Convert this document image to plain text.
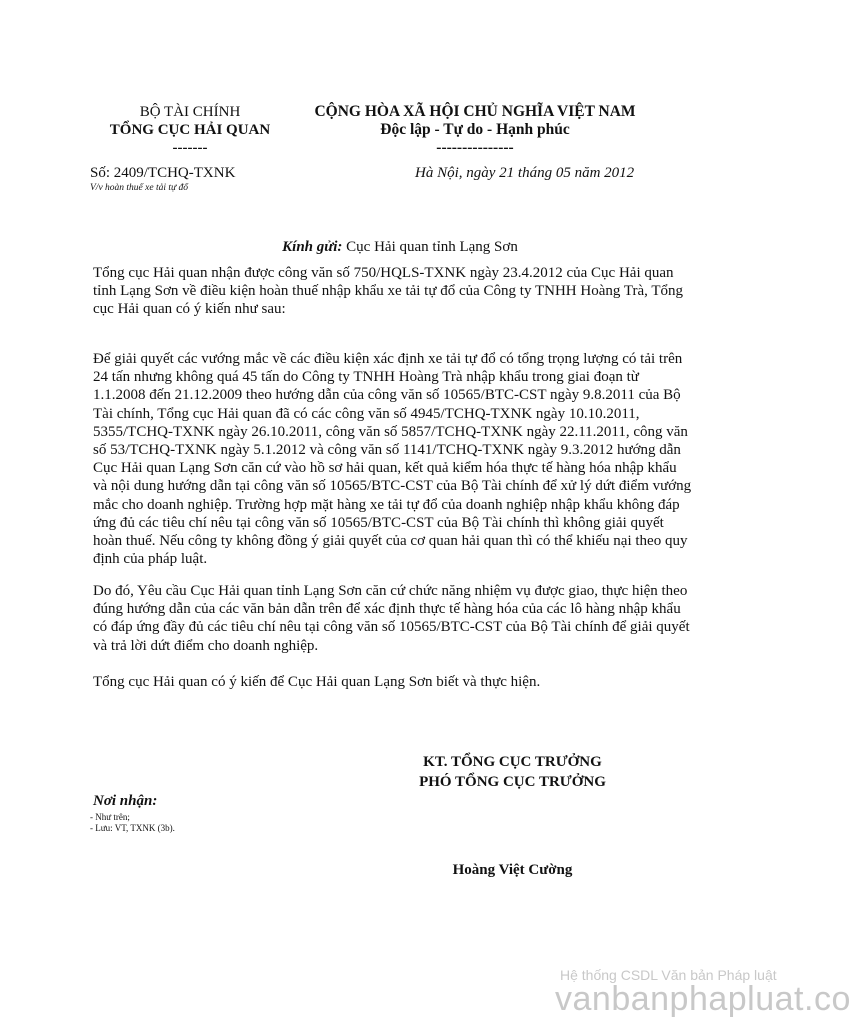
BỘ TÀI CHÍNH
TỔNG CỤC HẢI QUAN
-------
CỘNG HÒA XÃ HỘI CHỦ NGHĨA VIỆT NAM
Độc lập - Tự do - Hạnh phúc
---------------
Số: 2409/TCHQ-TXNK
V/v hoàn thuế xe tải tự đổ
Hà Nội, ngày 21 tháng 05 năm 2012
Kính gửi: Cục Hải quan tỉnh Lạng Sơn

Tổng cục Hải quan nhận được công văn số 750/HQLS-TXNK ngày 23.4.2012 của Cục Hải quan tỉnh Lạng Sơn về điều kiện hoàn thuế nhập khẩu xe tải tự đổ của Công ty TNHH Hoàng Trà, Tổng cục Hải quan có ý kiến như sau:

Để giải quyết các vướng mắc về các điều kiện xác định xe tải tự đổ có tổng trọng lượng có tải trên 24 tấn nhưng không quá 45 tấn do Công ty TNHH Hoàng Trà nhập khẩu trong giai đoạn từ 1.1.2008 đến 21.12.2009 theo hướng dẫn của công văn số 10565/BTC-CST ngày 9.8.2011 của Bộ Tài chính, Tổng cục Hải quan đã có các công văn số 4945/TCHQ-TXNK ngày 10.10.2011, 5355/TCHQ-TXNK ngày 26.10.2011, công văn số 5857/TCHQ-TXNK ngày 22.11.2011, công văn số 53/TCHQ-TXNK ngày 5.1.2012 và công văn số 1141/TCHQ-TXNK ngày 9.3.2012 hướng dẫn Cục Hải quan Lạng Sơn căn cứ vào hồ sơ hải quan, kết quả kiểm hóa thực tế hàng hóa nhập khẩu và nội dung hướng dẫn tại công văn số 10565/BTC-CST của Bộ Tài chính để xử lý dứt điểm vướng mắc cho doanh nghiệp. Trường hợp mặt hàng xe tải tự đổ của doanh nghiệp nhập khẩu không đáp ứng đủ các tiêu chí nêu tại công văn số 10565/BTC-CST của Bộ Tài chính thì không giải quyết hoàn thuế. Nếu công ty không đồng ý giải quyết của cơ quan hải quan thì có thể khiếu nại theo quy định của pháp luật.

Do đó, Yêu cầu Cục Hải quan tỉnh Lạng Sơn căn cứ chức năng nhiệm vụ được giao, thực hiện theo đúng hướng dẫn của các văn bản dẫn trên để xác định thực tế hàng hóa của các lô hàng nhập khẩu có đáp ứng đầy đủ các tiêu chí nêu tại công văn số 10565/BTC-CST của Bộ Tài chính để giải quyết và trả lời dứt điểm cho doanh nghiệp.

Tổng cục Hải quan có ý kiến để Cục Hải quan Lạng Sơn biết và thực hiện.

KT. TỔNG CỤC TRƯỞNG
PHÓ TỔNG CỤC TRƯỞNG
Nơi nhận:
- Như trên;
- Lưu: VT, TXNK (3b).
Hoàng Việt Cường
Hệ thống CSDL Văn bản Pháp luật
vanbanphapluat.co
